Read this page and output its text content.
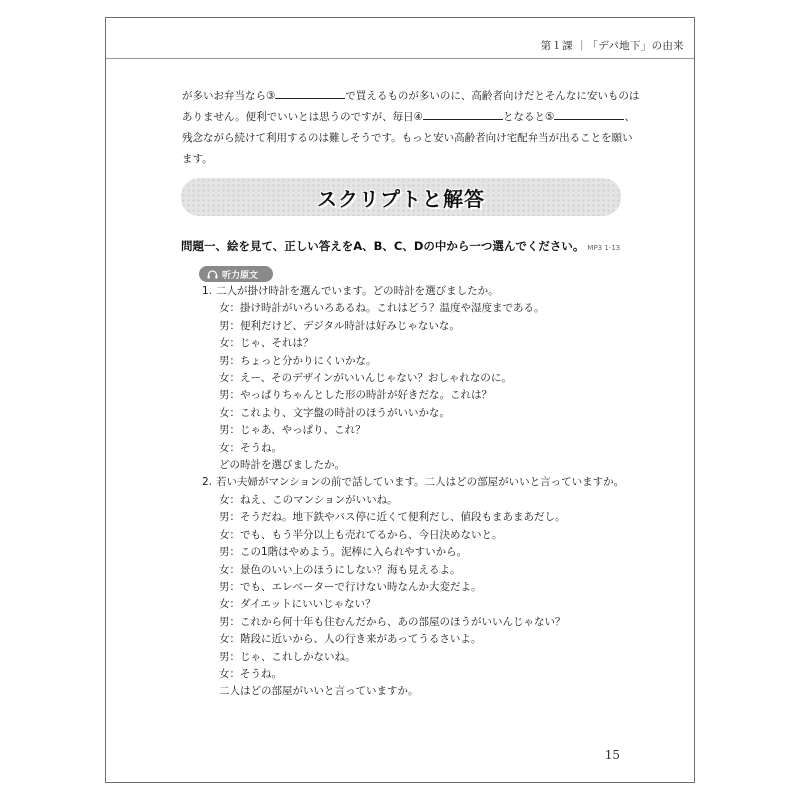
第１課 ｜「デパ地下」の由来
が多いお弁当なら③	で買えるものが多いのに、高齢者向けだとそんなに安いものは
ありません。便利でいいとは思うのですが、毎日④	となると⑤	、
残念ながら続けて利用するのは難しそうです。もっと安い高齢者向け宅配弁当が出ることを願い
ます。
スクリプトと解答
問題一、絵を見て、正しい答えをA、B、C、Dの中から一つ選んでください。 MP3 1-13
听力原文
1. 二人が掛け時計を選んでいます。どの時計を選びましたか。
女：掛け時計がいろいろあるね。これはどう？温度や湿度まである。
男：便利だけど、デジタル時計は好みじゃないな。
女：じゃ、それは？
男：ちょっと分かりにくいかな。
女：えー、そのデザインがいいんじゃない？おしゃれなのに。
男：やっぱりちゃんとした形の時計が好きだな。これは？
女：これより、文字盤の時計のほうがいいかな。
男：じゃあ、やっぱり、これ？
女：そうね。
どの時計を選びましたか。
2. 若い夫婦がマンションの前で話しています。二人はどの部屋がいいと言っていますか。
女：ねえ、このマンションがいいね。
男：そうだね。地下鉄やバス停に近くて便利だし、値段もまあまあだし。
女：でも、もう半分以上も売れてるから、今日決めないと。
男：この1階はやめよう。泥棒に入られやすいから。
女：景色のいい上のほうにしない？海も見えるよ。
男：でも、エレベーターで行けない時なんか大変だよ。
女：ダイエットにいいじゃない？
男：これから何十年も住むんだから、あの部屋のほうがいいんじゃない？
女：階段に近いから、人の行き来があってうるさいよ。
男：じゃ、これしかないね。
女：そうね。
二人はどの部屋がいいと言っていますか。
15
